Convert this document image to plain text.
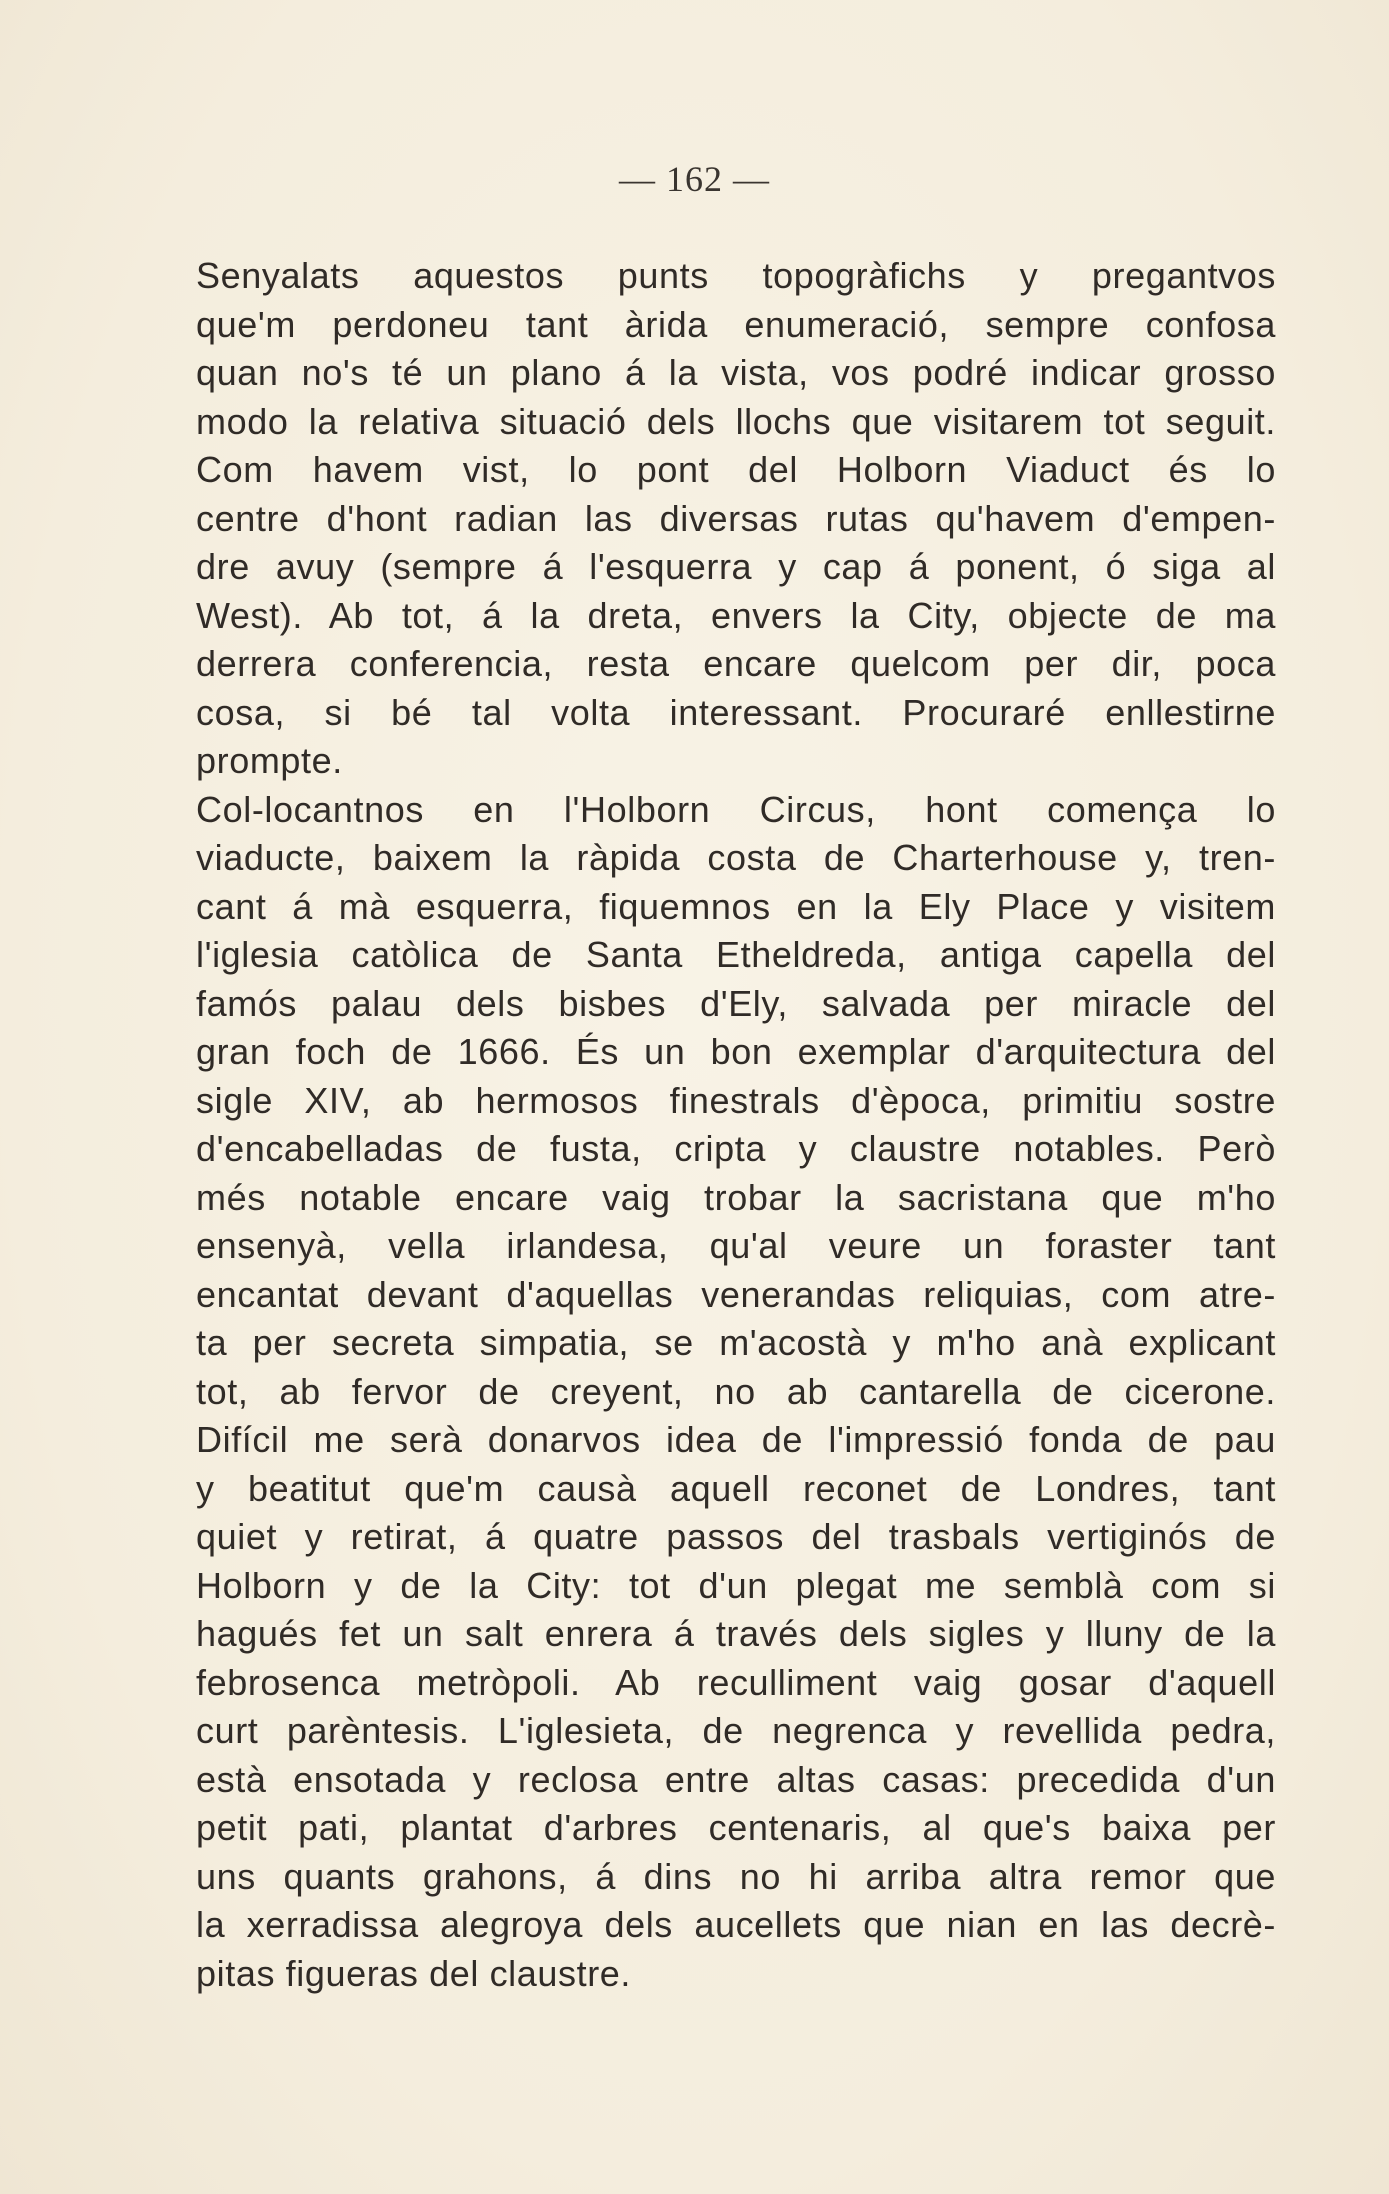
— 162 —
Senyalats aquestos punts topogràfichs y pregantvos
que'm perdoneu tant àrida enumeració, sempre confosa
quan no's té un plano á la vista, vos podré indicar grosso
modo la relativa situació dels llochs que visitarem tot seguit.
Com havem vist, lo pont del Holborn Viaduct és lo
centre d'hont radian las diversas rutas qu'havem d'empen-
dre avuy (sempre á l'esquerra y cap á ponent, ó siga al
West). Ab tot, á la dreta, envers la City, objecte de ma
derrera conferencia, resta encare quelcom per dir, poca
cosa, si bé tal volta interessant. Procuraré enllestirne
prompte.
Col-locantnos en l'Holborn Circus, hont comença lo
viaducte, baixem la ràpida costa de Charterhouse y, tren-
cant á mà esquerra, fiquemnos en la Ely Place y visitem
l'iglesia catòlica de Santa Etheldreda, antiga capella del
famós palau dels bisbes d'Ely, salvada per miracle del
gran foch de 1666. És un bon exemplar d'arquitectura del
sigle XIV, ab hermosos finestrals d'època, primitiu sostre
d'encabelladas de fusta, cripta y claustre notables. Però
més notable encare vaig trobar la sacristana que m'ho
ensenyà, vella irlandesa, qu'al veure un foraster tant
encantat devant d'aquellas venerandas reliquias, com atre-
ta per secreta simpatia, se m'acostà y m'ho anà explicant
tot, ab fervor de creyent, no ab cantarella de cicerone.
Difícil me serà donarvos idea de l'impressió fonda de pau
y beatitut que'm causà aquell reconet de Londres, tant
quiet y retirat, á quatre passos del trasbals vertiginós de
Holborn y de la City: tot d'un plegat me semblà com si
hagués fet un salt enrera á través dels sigles y lluny de la
febrosenca metròpoli. Ab reculliment vaig gosar d'aquell
curt parèntesis. L'iglesieta, de negrenca y revellida pedra,
està ensotada y reclosa entre altas casas: precedida d'un
petit pati, plantat d'arbres centenaris, al que's baixa per
uns quants grahons, á dins no hi arriba altra remor que
la xerradissa alegroya dels aucellets que nian en las decrè-
pitas figueras del claustre.
